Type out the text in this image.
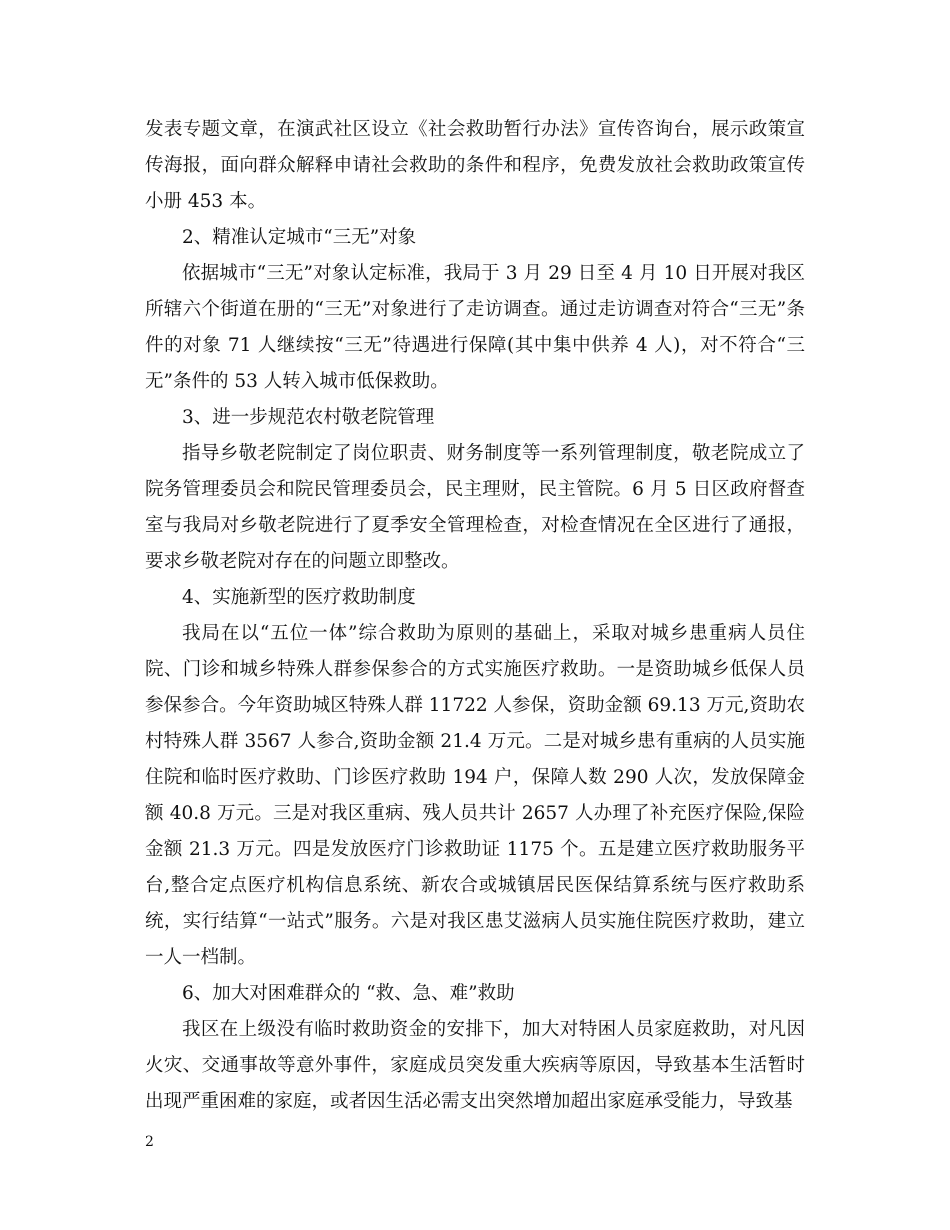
发表专题文章，在演武社区设立《社会救助暂行办法》宣传咨询台，展示政策宣传海报，面向群众解释申请社会救助的条件和程序，免费发放社会救助政策宣传小册 453 本。

2、精准认定城市“三无”对象

依据城市“三无”对象认定标准，我局于 3 月 29 日至 4 月 10 日开展对我区所辖六个街道在册的“三无”对象进行了走访调查。通过走访调查对符合“三无”条件的对象 71 人继续按“三无”待遇进行保障(其中集中供养 4 人)，对不符合“三无”条件的 53 人转入城市低保救助。

3、进一步规范农村敬老院管理

指导乡敬老院制定了岗位职责、财务制度等一系列管理制度，敬老院成立了院务管理委员会和院民管理委员会，民主理财，民主管院。6 月 5 日区政府督查室与我局对乡敬老院进行了夏季安全管理检查，对检查情况在全区进行了通报，要求乡敬老院对存在的问题立即整改。

4、实施新型的医疗救助制度

我局在以“五位一体”综合救助为原则的基础上，采取对城乡患重病人员住院、门诊和城乡特殊人群参保参合的方式实施医疗救助。一是资助城乡低保人员参保参合。今年资助城区特殊人群 11722 人参保，资助金额 69.13 万元,资助农村特殊人群 3567 人参合,资助金额 21.4 万元。二是对城乡患有重病的人员实施住院和临时医疗救助、门诊医疗救助 194 户，保障人数 290 人次，发放保障金额 40.8 万元。三是对我区重病、残人员共计 2657 人办理了补充医疗保险,保险金额 21.3 万元。四是发放医疗门诊救助证 1175 个。五是建立医疗救助服务平台,整合定点医疗机构信息系统、新农合或城镇居民医保结算系统与医疗救助系统，实行结算“一站式”服务。六是对我区患艾滋病人员实施住院医疗救助，建立一人一档制。

6、加大对困难群众的 “救、急、难”救助

我区在上级没有临时救助资金的安排下，加大对特困人员家庭救助，对凡因火灾、交通事故等意外事件，家庭成员突发重大疾病等原因，导致基本生活暂时出现严重困难的家庭，或者因生活必需支出突然增加超出家庭承受能力，导致基

2
